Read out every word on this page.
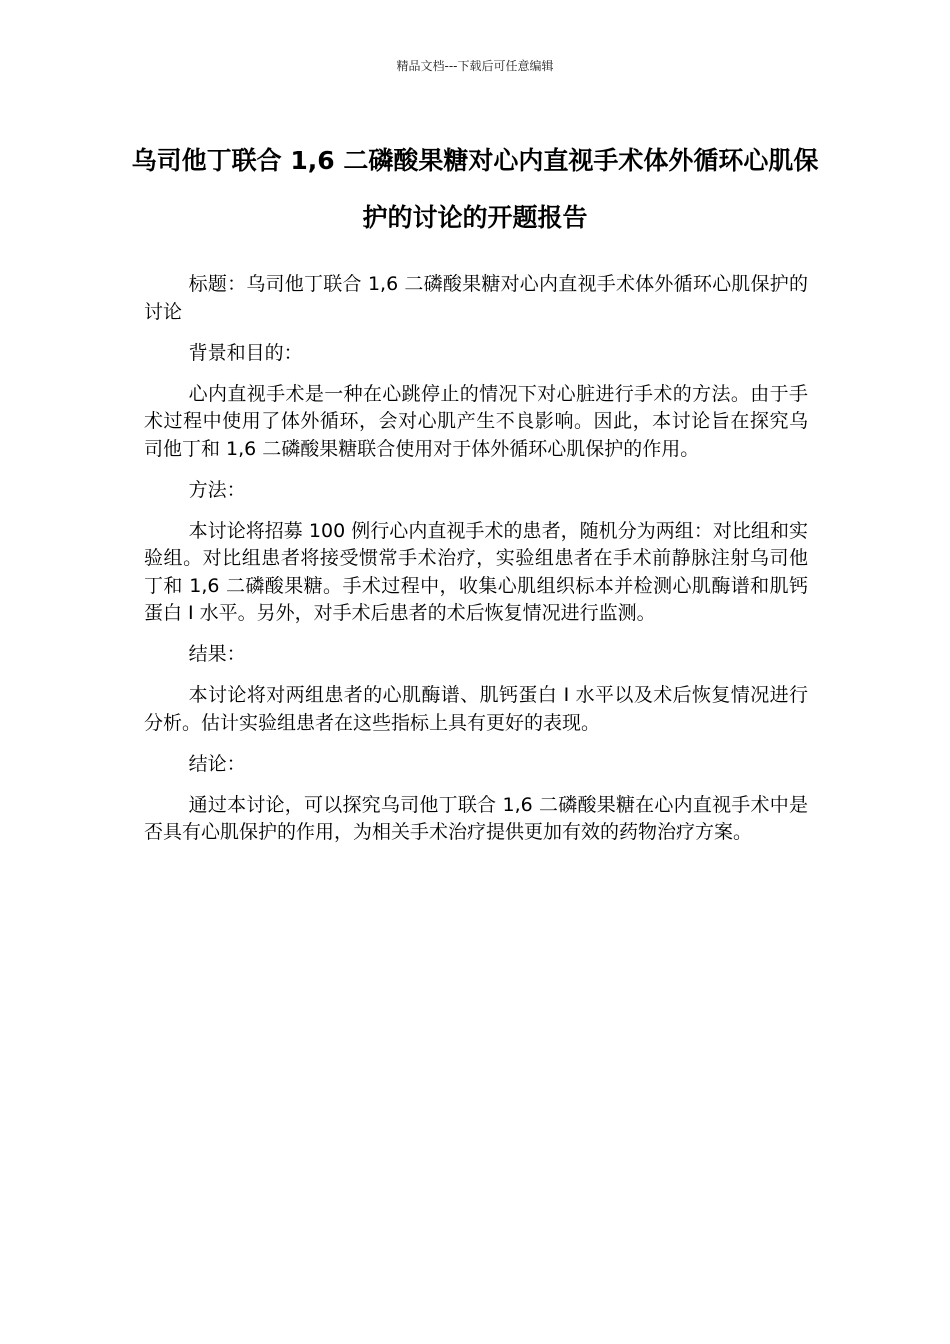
精品文档---下载后可任意编辑
乌司他丁联合 1,6 二磷酸果糖对心内直视手术体外循环心肌保护的讨论的开题报告

标题：乌司他丁联合 1,6 二磷酸果糖对心内直视手术体外循环心肌保护的讨论

背景和目的：

心内直视手术是一种在心跳停止的情况下对心脏进行手术的方法。由于手术过程中使用了体外循环，会对心肌产生不良影响。因此，本讨论旨在探究乌司他丁和 1,6 二磷酸果糖联合使用对于体外循环心肌保护的作用。

方法：

本讨论将招募 100 例行心内直视手术的患者，随机分为两组：对比组和实验组。对比组患者将接受惯常手术治疗，实验组患者在手术前静脉注射乌司他丁和 1,6 二磷酸果糖。手术过程中，收集心肌组织标本并检测心肌酶谱和肌钙蛋白 I 水平。另外，对手术后患者的术后恢复情况进行监测。

结果：

本讨论将对两组患者的心肌酶谱、肌钙蛋白 I 水平以及术后恢复情况进行分析。估计实验组患者在这些指标上具有更好的表现。

结论：

通过本讨论，可以探究乌司他丁联合 1,6 二磷酸果糖在心内直视手术中是否具有心肌保护的作用，为相关手术治疗提供更加有效的药物治疗方案。
